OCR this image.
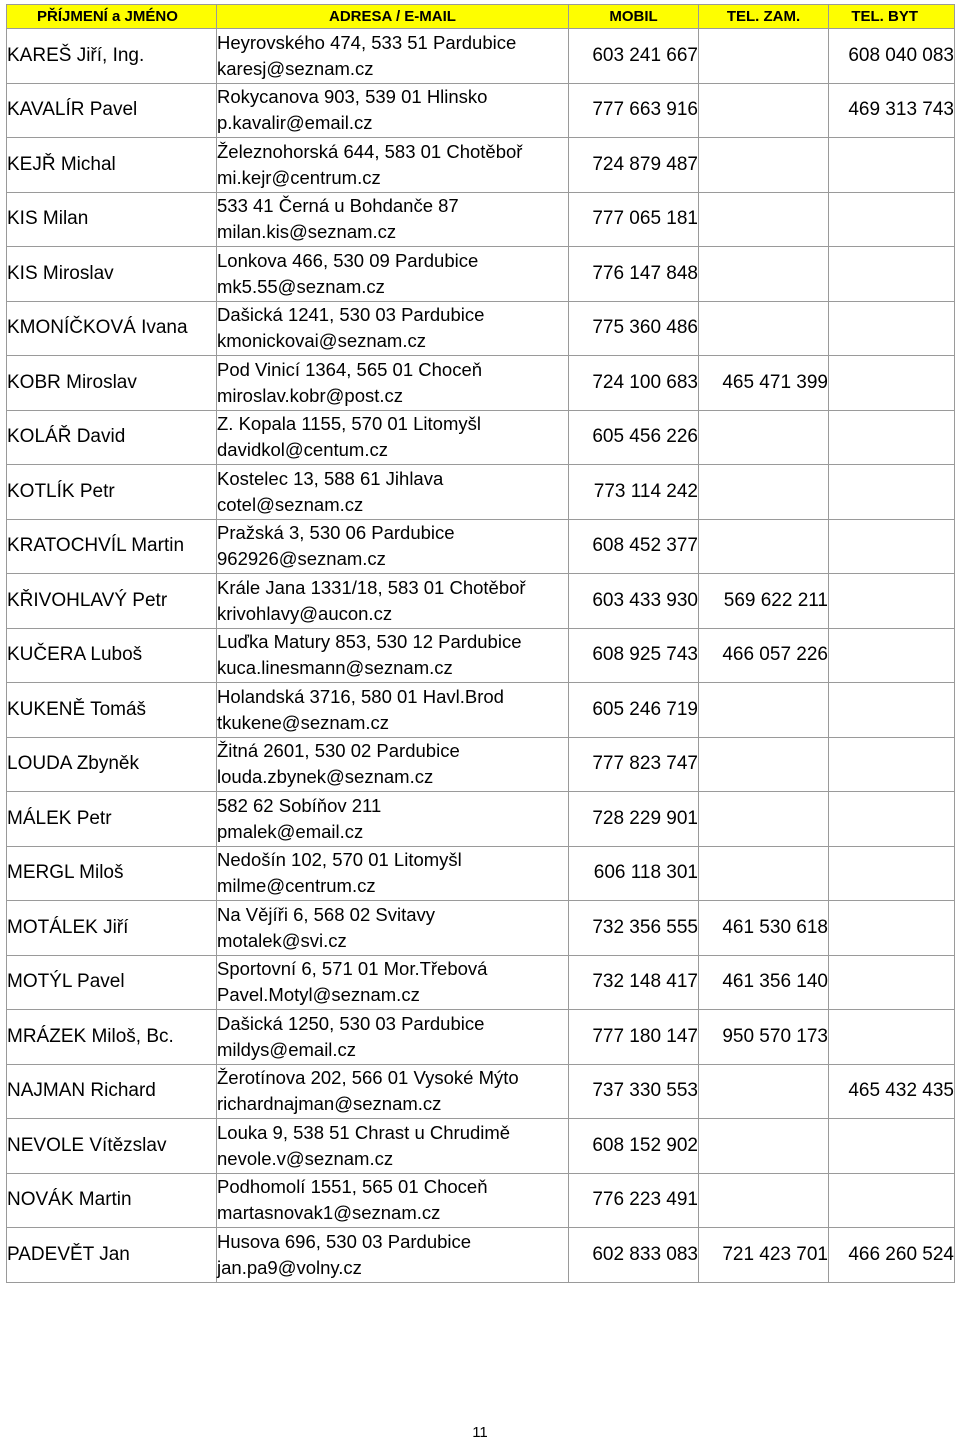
PŘÍJMENÍ a JMÉNO	ADRESA / E-MAIL	MOBIL	TEL. ZAM.	TEL. BYT
KAREŠ Jiří, Ing.	Heyrovského 474, 533 51 Pardubice
karesj@seznam.cz	603 241 667		608 040 083
KAVALÍR Pavel	Rokycanova 903, 539 01 Hlinsko
p.kavalir@email.cz	777 663 916		469 313 743
KEJŘ Michal	Železnohorská 644, 583 01 Chotěboř
mi.kejr@centrum.cz	724 879 487		
KIS Milan	533 41 Černá u Bohdanče 87
milan.kis@seznam.cz	777 065 181		
KIS Miroslav	Lonkova 466, 530 09 Pardubice
mk5.55@seznam.cz	776 147 848		
KMONÍČKOVÁ Ivana	Dašická 1241, 530 03 Pardubice
kmonickovai@seznam.cz	775 360 486		
KOBR Miroslav	Pod Vinicí 1364, 565 01 Choceň
miroslav.kobr@post.cz	724 100 683	465 471 399	
KOLÁŘ David	Z. Kopala 1155, 570 01 Litomyšl
davidkol@centum.cz	605 456 226		
KOTLÍK Petr	Kostelec 13, 588 61 Jihlava
cotel@seznam.cz	773 114 242		
KRATOCHVÍL Martin	Pražská 3, 530 06 Pardubice
962926@seznam.cz	608 452 377		
KŘIVOHLAVÝ Petr	Krále Jana 1331/18, 583 01 Chotěboř
krivohlavy@aucon.cz	603 433 930	569 622 211	
KUČERA Luboš	Luďka Matury 853, 530 12 Pardubice
kuca.linesmann@seznam.cz	608 925 743	466 057 226	
KUKENĚ Tomáš	Holandská 3716, 580 01 Havl.Brod
tkukene@seznam.cz	605 246 719		
LOUDA Zbyněk	Žitná 2601, 530 02 Pardubice
louda.zbynek@seznam.cz	777 823 747		
MÁLEK Petr	582 62 Sobíňov 211
pmalek@email.cz	728 229 901		
MERGL Miloš	Nedošín 102, 570 01 Litomyšl
milme@centrum.cz	606 118 301		
MOTÁLEK Jiří	Na Vějíři 6, 568 02 Svitavy
motalek@svi.cz	732 356 555	461 530 618	
MOTÝL Pavel	Sportovní 6, 571 01 Mor.Třebová
Pavel.Motyl@seznam.cz	732 148 417	461 356 140	
MRÁZEK Miloš, Bc.	Dašická 1250, 530 03 Pardubice
mildys@email.cz	777 180 147	950 570 173	
NAJMAN Richard	Žerotínova 202, 566 01 Vysoké Mýto
richardnajman@seznam.cz	737 330 553		465 432 435
NEVOLE Vítězslav	Louka 9, 538 51 Chrast u Chrudimě
nevole.v@seznam.cz	608 152 902		
NOVÁK Martin	Podhomolí 1551, 565 01 Choceň
martasnovak1@seznam.cz	776 223 491		
PADEVĚT Jan	Husova 696, 530 03 Pardubice
jan.pa9@volny.cz	602 833 083	721 423 701	466 260 524
11
